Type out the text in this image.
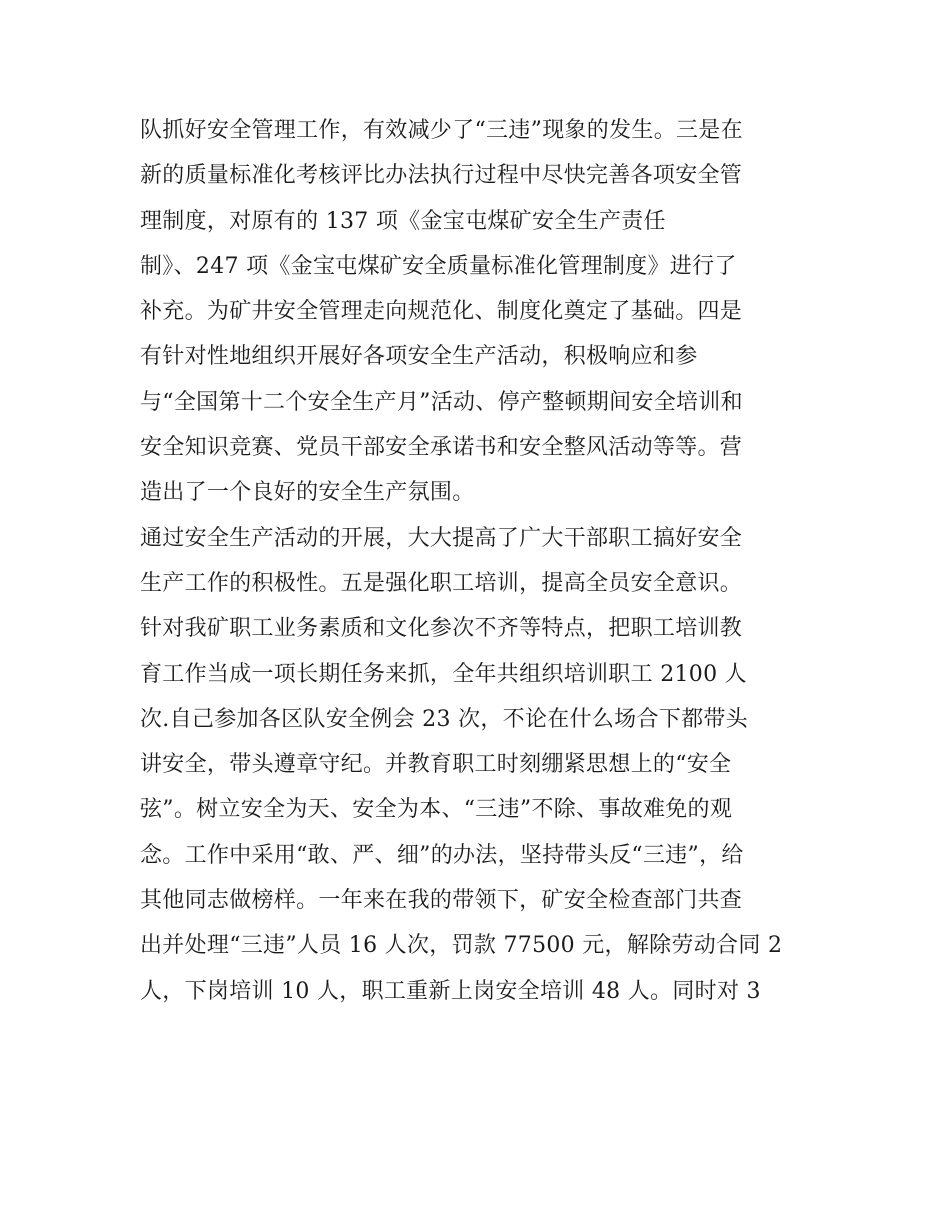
队抓好安全管理工作，有效减少了“三违”现象的发生。三是在
新的质量标准化考核评比办法执行过程中尽快完善各项安全管
理制度，对原有的 137 项《金宝屯煤矿安全生产责任
制》、247 项《金宝屯煤矿安全质量标准化管理制度》进行了
补充。为矿井安全管理走向规范化、制度化奠定了基础。四是
有针对性地组织开展好各项安全生产活动，积极响应和参
与“全国第十二个安全生产月”活动、停产整顿期间安全培训和
安全知识竞赛、党员干部安全承诺书和安全整风活动等等。营
造出了一个良好的安全生产氛围。
通过安全生产活动的开展，大大提高了广大干部职工搞好安全
生产工作的积极性。五是强化职工培训，提高全员安全意识。
针对我矿职工业务素质和文化参次不齐等特点，把职工培训教
育工作当成一项长期任务来抓，全年共组织培训职工 2100 人
次.自己参加各区队安全例会 23 次，不论在什么场合下都带头
讲安全，带头遵章守纪。并教育职工时刻绷紧思想上的“安全
弦”。树立安全为天、安全为本、“三违”不除、事故难免的观
念。工作中采用“敢、严、细”的办法，坚持带头反“三违”，给
其他同志做榜样。一年来在我的带领下，矿安全检查部门共查
出并处理“三违”人员 16 人次，罚款 77500 元，解除劳动合同 2
人，下岗培训 10 人，职工重新上岗安全培训 48 人。同时对 3
